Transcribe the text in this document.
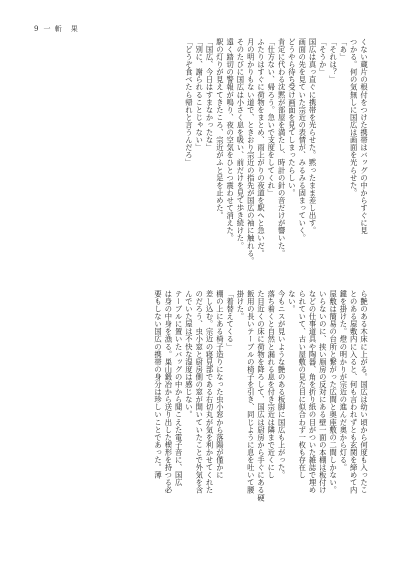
9 一 斬　果

くない蔵片の根付をつけた携帯はバッグの中からすぐに見

つかる。何の気無しに国広は画面を光らせた。

「あ」

「それは？」

「そうか」

国広は真っ直ぐに携帯を光らせた。黙ったまま差し出す。

画面の先を見ていた宗近の表情が、みるみる固まっていく。

どうやら待ち受け画面を見てしまったらしい。

肯定に代わる沈黙が部屋を満たし、時計の針の音だけが響いた。

「仕方ない、帰ろう。急いで支度をしてくれ」

ふたりはすぐに荷物をまとめ、雨上がりの夜道を駅へと急いだ。

月の明かりもない道で、ときおり宗近の指先が国広の袖に触れる。

そのたびに国広は小さく息を吸い、前だけを見て歩き続けた。

遠く踏切の警報が鳴り、夜の空気をひとつ震わせて消えた。

駅の灯りが見えてきたころ、宗近がふと足を止めた。

「国広、今日はすまなかったな」

「別に、謝られることじゃない」

「どうぞ食べたら帰れと言うんだろ」

ら艶のある木床に上がる。国広は幼い頃から何度も入ったこ

とのある屋敷内に入ると、何も言われずとも玄関を締めて内

鍵を掛けた。燈の明かりが宗近の進んだ奥から灯る。

屋敷は簡易の台所と繋がった広間と奥座敷の二間しかない。

いらないのに、挟い厠房の反対にある壁一面の本棚は板付け

などの仕事道具や陶器、角を折り紙の目がついた雑誌で埋め

られていて、古い屋敷の見た目に似合わず一枚も存在し

ない。

今もニスが見いような艶のある板脚に国広も上がった。

落ち着くと自然と漏れる息を付き宗近は隣まで近くにし

た目近くの床に荷物を降ろして、国広は厨房から手ぐにある硬

飯用の長いテーブルの椅子を引き、同じように息を吐いて腰

掛けた。

「着替えてくる」

棚の上にある椅子造りになった虫小窓から落陽が僅かに

差し込む。宗近の寝見部である右切丸が気を利かせてくれた

のだろう、虫小窓と厨房側の窓が開いていたことで外気を含

んでいた屋は不快な湿度は感じない。

テーブルに置いたバッグの中から聞こえた電子音に、国広

は身の中身を漁る。巣山鍛冶から送り出した楔形を持つる必

要もしない国広の携帯の身分は珍しいことであった。薄
